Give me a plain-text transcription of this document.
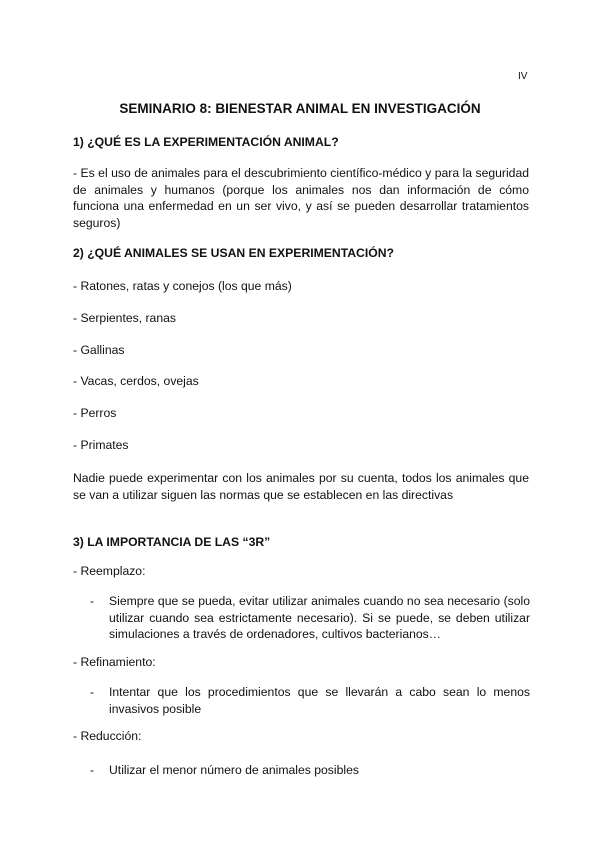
IV
SEMINARIO 8: BIENESTAR ANIMAL EN INVESTIGACIÓN
1) ¿QUÉ ES LA EXPERIMENTACIÓN ANIMAL?
- Es el uso de animales para el descubrimiento científico-médico y para la seguridad de animales y humanos (porque los animales nos dan información de cómo funciona una enfermedad en un ser vivo, y así se pueden desarrollar tratamientos seguros)
2) ¿QUÉ ANIMALES SE USAN EN EXPERIMENTACIÓN?
- Ratones, ratas y conejos (los que más)
- Serpientes, ranas
- Gallinas
- Vacas, cerdos, ovejas
- Perros
- Primates
Nadie puede experimentar con los animales por su cuenta, todos los animales que se van a utilizar siguen las normas que se establecen en las directivas
3) LA IMPORTANCIA DE LAS “3R”
- Reemplazo:
-	Siempre que se pueda, evitar utilizar animales cuando no sea necesario (solo utilizar cuando sea estrictamente necesario). Si se puede, se deben utilizar simulaciones a través de ordenadores, cultivos bacterianos…
- Refinamiento:
-	Intentar que los procedimientos que se llevarán a cabo sean lo menos invasivos posible
- Reducción:
-	Utilizar el menor número de animales posibles
